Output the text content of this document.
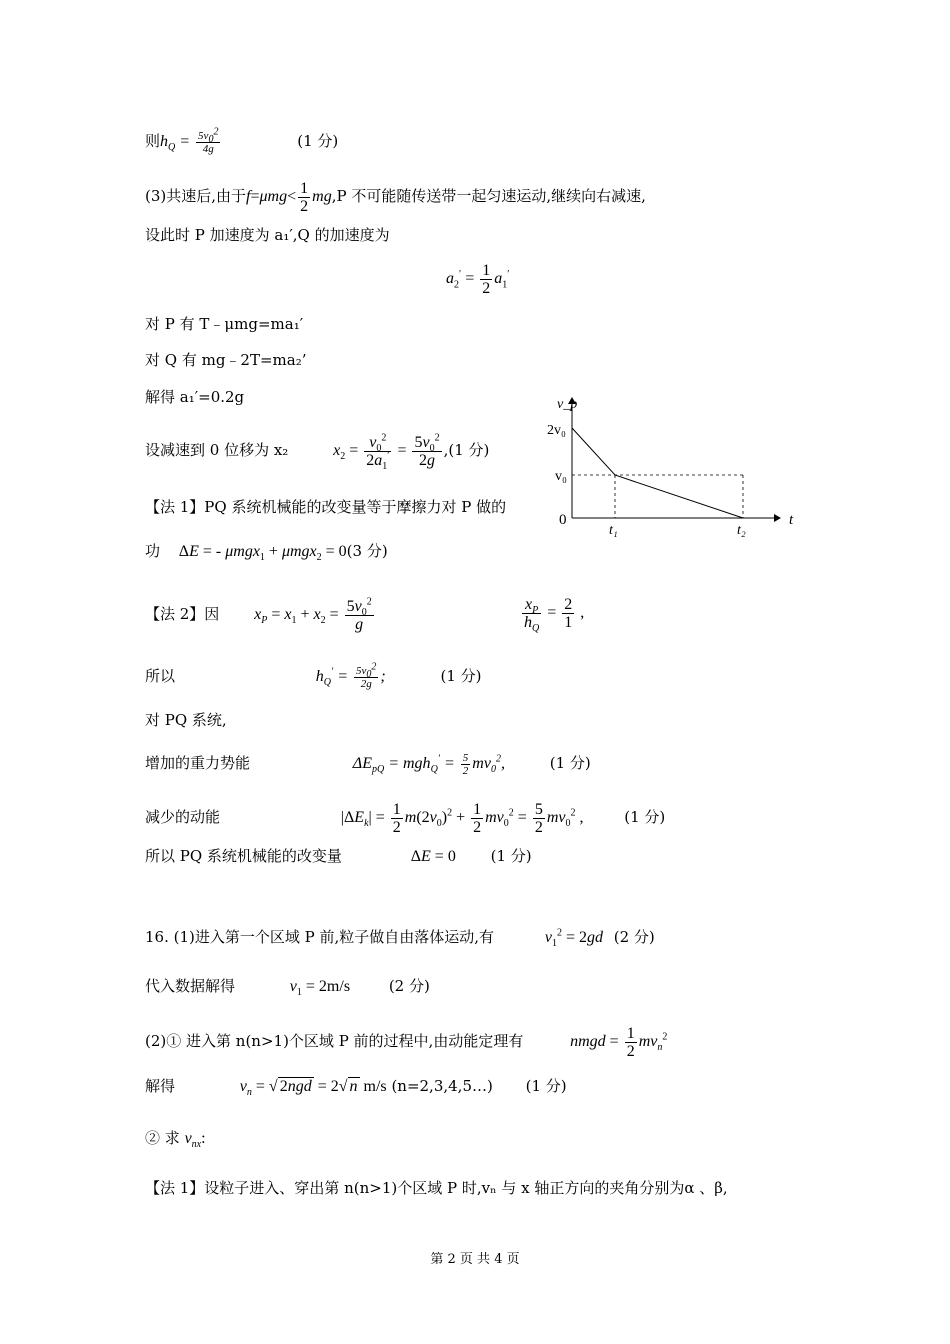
则$h_Q = \frac{5v_0^2}{4g}$	(1 分)
(3)共速后,由于$f=\mu mg< \frac{1}{2} mg,P$ 不可能随传送带一起匀速运动,继续向右减速,
设此时 P 加速度为 a₁′,Q 的加速度为
$a_2' = \frac{1}{2} a_1'$
对 P 有 T﹣μmg=ma₁′
对 Q 有 mg﹣2T=ma₂’
解得 a₁′=0.2g
设减速到 0 位移为 x₂	$x_2 = \frac{v_0^2}{2a_1'} = \frac{5v_0^2}{2g} ,(1$ 分)
【法 1】PQ 系统机械能的改变量等于摩擦力对 P 做的
功 ΔE = - μmgx$_1$ + μmgx$_2$ = 0(3 分)
v_p
t
2v₀
v₀
0
t₁	t₂
【法 2】因 $x_P = x_1 + x_2 = \frac{5v_0^2}{g}$	$\frac{x_P}{h_Q} = \frac{2}{1}$ ,
所以	$h_Q' = \frac{5v_0^2}{2g}$ ;	(1 分)
对 PQ 系统,
增加的重力势能	$\Delta E_{pQ} = mgh_Q' = \frac{5}{2} mv_0^2$,	(1 分)
减少的动能	$|\Delta E_k| = \frac{1}{2} m(2v_0)^2 + \frac{1}{2} mv_0^2 = \frac{5}{2} mv_0^2$ ,	(1 分)
所以 PQ 系统机械能的改变量	ΔE = 0 (1 分)
16. (1)进入第一个区域 P 前,粒子做自由落体运动,有	$v_1^2 = 2gd$ (2 分)
代入数据解得	$v_1 = 2m/s$	(2 分)
(2)① 进入第 n(n>1)个区域 P 前的过程中,由动能定理有	nmgd = $\frac{1}{2} mv_n^2$
解得	$v_n$ = √ 2ngd = 2√ n m/s (n=2,3,4,5…) (1 分)
② 求 $v_{nx}$:
【法 1】设粒子进入、穿出第 n(n>1)个区域 P 时,vₙ 与 x 轴正方向的夹角分别为α 、β,
第 2 页 共 4 页
